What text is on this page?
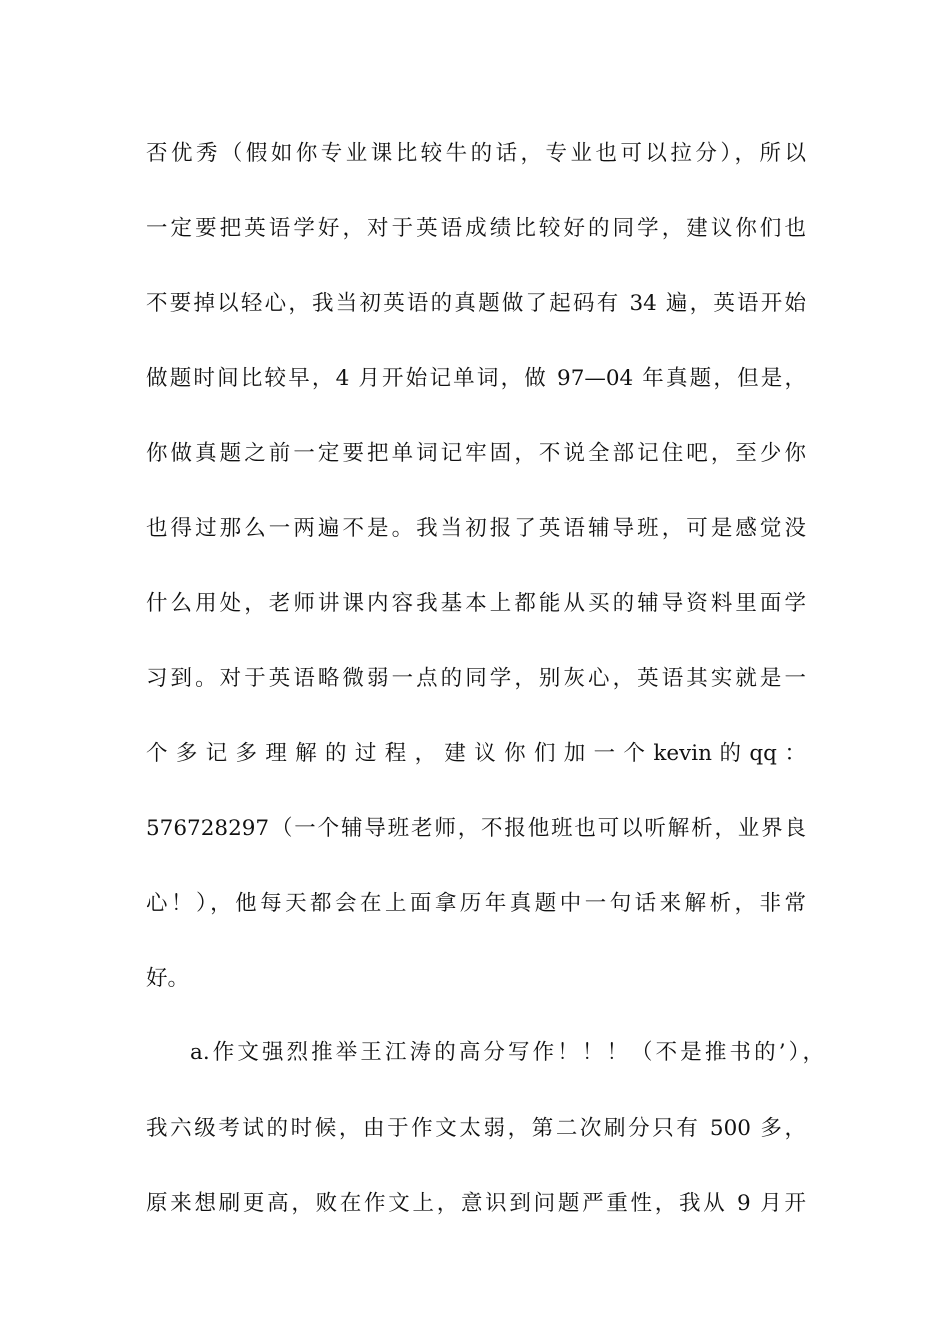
否优秀（假如你专业课比较牛的话，专业也可以拉分），所以
一定要把英语学好，对于英语成绩比较好的同学，建议你们也
不要掉以轻心，我当初英语的真题做了起码有 34 遍，英语开始
做题时间比较早，4 月开始记单词，做 97—04 年真题，但是，
你做真题之前一定要把单词记牢固，不说全部记住吧，至少你
也得过那么一两遍不是。我当初报了英语辅导班，可是感觉没
什么用处，老师讲课内容我基本上都能从买的辅导资料里面学
习到。对于英语略微弱一点的同学，别灰心，英语其实就是一
个 多 记 多 理 解 的 过 程 ， 建 议 你 们 加 一 个 kevin 的 qq ：
576728297（一个辅导班老师，不报他班也可以听解析，业界良
心！），他每天都会在上面拿历年真题中一句话来解析，非常
好。
a.作文强烈推举王江涛的高分写作！！！（不是推书的’），
我六级考试的时候，由于作文太弱，第二次刷分只有 500 多，
原来想刷更高，败在作文上，意识到问题严重性，我从 9 月开
